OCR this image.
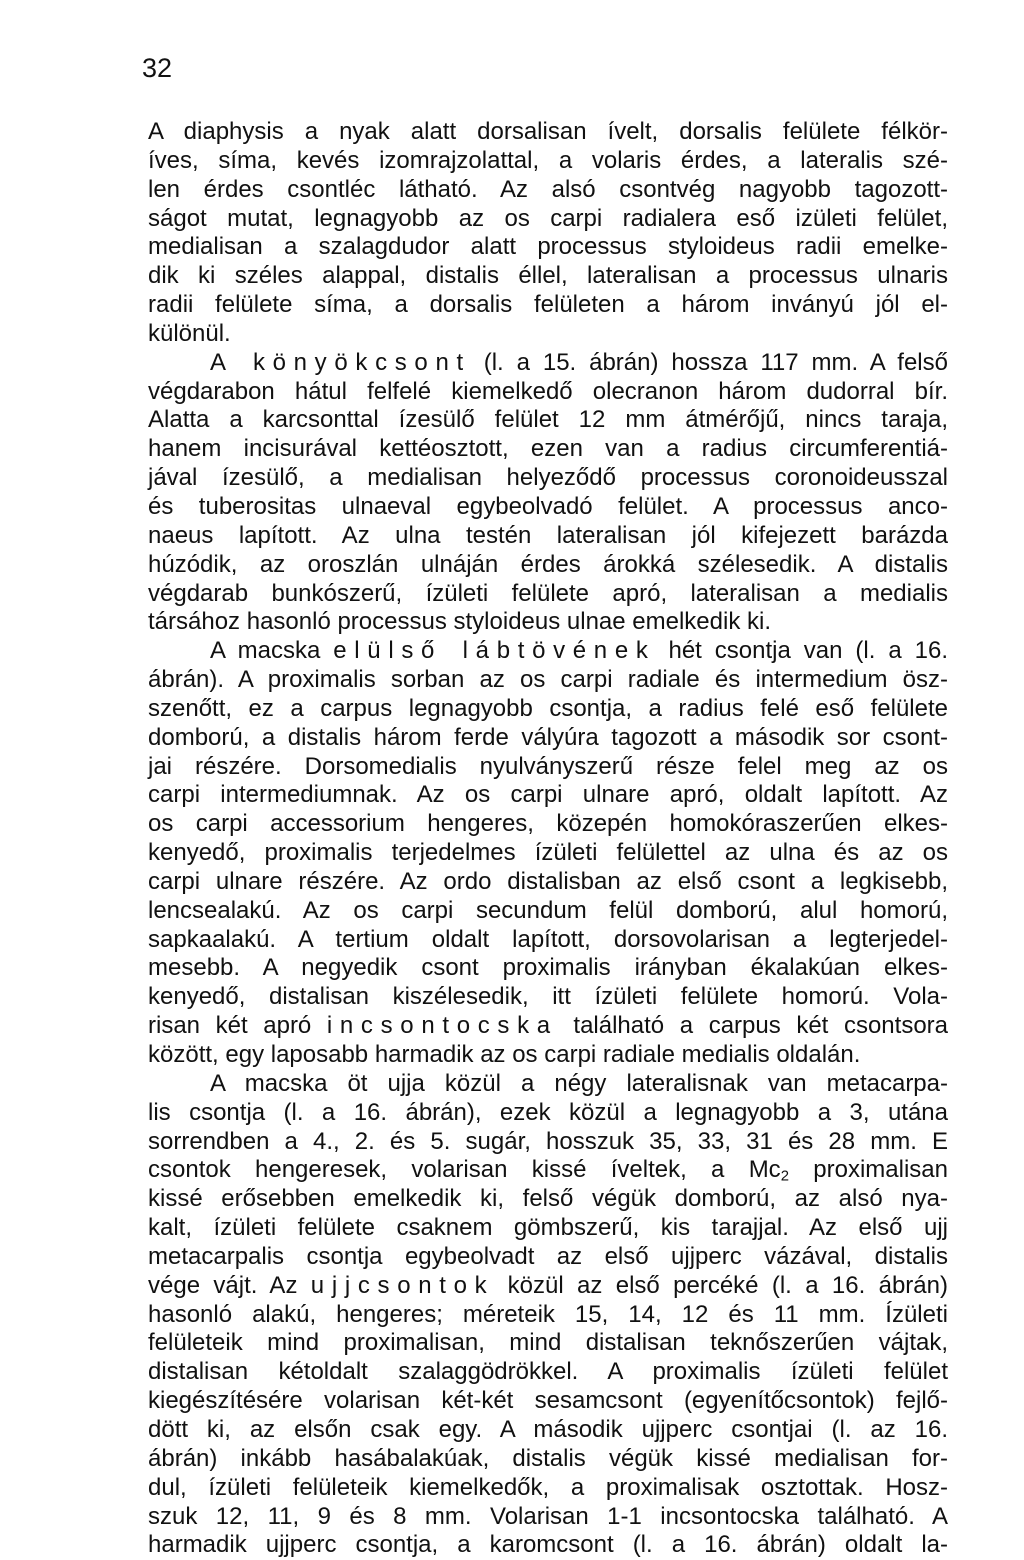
32
A diaphysis a nyak alatt dorsalisan ívelt, dorsalis felülete félkör-
íves, síma, kevés izomrajzolattal, a volaris érdes, a lateralis szé-
len érdes csontléc látható. Az alsó csontvég nagyobb tagozott-
ságot mutat, legnagyobb az os carpi radialera eső izületi felület,
medialisan a szalagdudor alatt processus styloideus radii emelke-
dik ki széles alappal, distalis éllel, lateralisan a processus ulnaris
radii felülete síma, a dorsalis felületen a három inványú jól el-
különül.
A könyökcsont (l. a 15. ábrán) hossza 117 mm. A felső
végdarabon hátul felfelé kiemelkedő olecranon három dudorral bír.
Alatta a karcsonttal ízesülő felület 12 mm átmérőjű, nincs taraja,
hanem incisurával kettéosztott, ezen van a radius circumferentiá-
jával ízesülő, a medialisan helyeződő processus coronoideusszal
és tuberositas ulnaeval egybeolvadó felület. A processus anco-
naeus lapított. Az ulna testén lateralisan jól kifejezett barázda
húzódik, az oroszlán ulnáján érdes árokká szélesedik. A distalis
végdarab bunkószerű, ízületi felülete apró, lateralisan a medialis
társához hasonló processus styloideus ulnae emelkedik ki.
A macska elülső lábtövének hét csontja van (l. a 16.
ábrán). A proximalis sorban az os carpi radiale és intermedium ösz-
szenőtt, ez a carpus legnagyobb csontja, a radius felé eső felülete
domború, a distalis három ferde vályúra tagozott a második sor csont-
jai részére. Dorsomedialis nyulványszerű része felel meg az os
carpi intermediumnak. Az os carpi ulnare apró, oldalt lapított. Az
os carpi accessorium hengeres, közepén homokóraszerűen elkes-
kenyedő, proximalis terjedelmes ízületi felülettel az ulna és az os
carpi ulnare részére. Az ordo distalisban az első csont a legkisebb,
lencsealakú. Az os carpi secundum felül domború, alul homorú,
sapkaalakú. A tertium oldalt lapított, dorsovolarisan a legterjedel-
mesebb. A negyedik csont proximalis irányban ékalakúan elkes-
kenyedő, distalisan kiszélesedik, itt ízületi felülete homorú. Vola-
risan két apró incsontocska található a carpus két csontsora
között, egy laposabb harmadik az os carpi radiale medialis oldalán.
A macska öt ujja közül a négy lateralisnak van metacarpa-
lis csontja (l. a 16. ábrán), ezek közül a legnagyobb a 3, utána
sorrendben a 4., 2. és 5. sugár, hosszuk 35, 33, 31 és 28 mm. E
csontok hengeresek, volarisan kissé íveltek, a $Mc_2$ proximalisan
kissé erősebben emelkedik ki, felső végük domború, az alsó nya-
kalt, ízületi felülete csaknem gömbszerű, kis tarajjal. Az első ujj
metacarpalis csontja egybeolvadt az első ujjperc vázával, distalis
vége vájt. Az ujjcsontok közül az első percéké (l. a 16. ábrán)
hasonló alakú, hengeres; méreteik 15, 14, 12 és 11 mm. Ízületi
felületeik mind proximalisan, mind distalisan teknőszerűen vájtak,
distalisan kétoldalt szalaggödrökkel. A proximalis ízületi felület
kiegészítésére volarisan két-két sesamcsont (egyenítőcsontok) fejlő-
dött ki, az elsőn csak egy. A második ujjperc csontjai (l. az 16.
ábrán) inkább hasábalakúak, distalis végük kissé medialisan for-
dul, ízületi felületeik kiemelkedők, a proximalisak osztottak. Hosz-
szuk 12, 11, 9 és 8 mm. Volarisan 1-1 incsontocska található. A
harmadik ujjperc csontja, a karomcsont (l. a 16. ábrán) oldalt la-
